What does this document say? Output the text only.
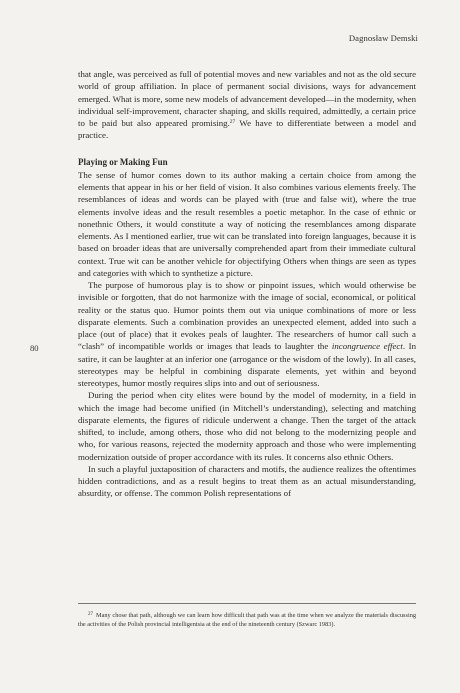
Dagnosław Demski
80

that angle, was perceived as full of potential moves and new variables and not as the old secure world of group affiliation. In place of permanent social divisions, ways for advancement emerged. What is more, some new models of advancement developed—in the modernity, when individual self-improvement, character shaping, and skills required, admittedly, a certain price to be paid but also appeared promising.$^{27}$ We have to differentiate between a model and practice.

Playing or Making Fun

The sense of humor comes down to its author making a certain choice from among the elements that appear in his or her field of vision. It also combines various elements freely. The resemblances of ideas and words can be played with (true and false wit), where the true elements involve ideas and the result resembles a poetic metaphor. In the case of ethnic or nonethnic Others, it would constitute a way of noticing the resemblances among disparate elements. As I mentioned earlier, true wit can be translated into foreign languages, because it is based on broader ideas that are universally comprehended apart from their immediate cultural context. True wit can be another vehicle for objectifying Others when things are seen as types and categories with which to synthetize a picture.

The purpose of humorous play is to show or pinpoint issues, which would otherwise be invisible or forgotten, that do not harmonize with the image of social, economical, or political reality or the status quo. Humor points them out via unique combinations of more or less disparate elements. Such a combination provides an unexpected element, added into such a place (out of place) that it evokes peals of laughter. The researchers of humor call such a “clash” of incompatible worlds or images that leads to laughter the incongruence effect. In satire, it can be laughter at an inferior one (arrogance or the wisdom of the lowly). In all cases, stereotypes may be helpful in combining disparate elements, yet within and beyond stereotypes, humor mostly requires slips into and out of seriousness.

During the period when city elites were bound by the model of modernity, in a field in which the image had become unified (in Mitchell’s understanding), selecting and matching disparate elements, the figures of ridicule underwent a change. Then the target of the attack shifted, to include, among others, those who did not belong to the modernizing people and who, for various reasons, rejected the modernity approach and those who were implementing modernization outside of proper accordance with its rules. It concerns also ethnic Others.

In such a playful juxtaposition of characters and motifs, the audience realizes the oftentimes hidden contradictions, and as a result begins to treat them as an actual misunderstanding, absurdity, or offense. The common Polish representations of

$^{27}$ Many chose that path, although we can learn how difficult that path was at the time when we analyze the materials discussing the activities of the Polish provincial intelligentsia at the end of the nineteenth century (Szwarc 1983).
